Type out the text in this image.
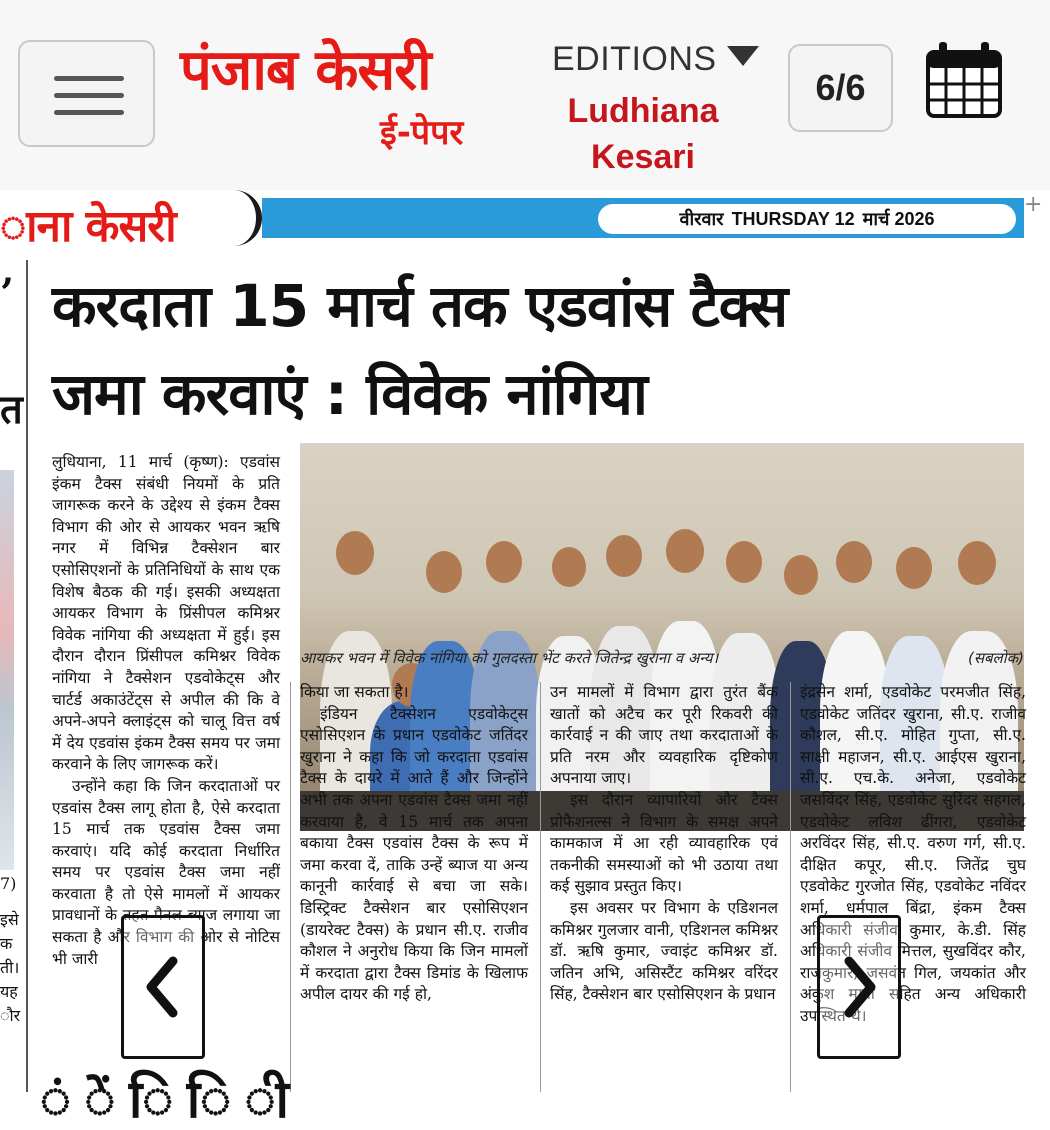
पंजाब केसरी
ई-पेपर
EDITIONS
Ludhiana Kesari
6/6
ाना केसरी	वीरवार THURSDAY 12 मार्च 2026
+
’
त
7)
इसे
क
ती।
यह
ौर
करदाता 15 मार्च तक एडवांस टैक्स
जमा करवाएं : विवेक नांगिया
आयकर भवन में विवेक नांगिया को गुलदस्ता भेंट करते जितेन्द्र खुराना व अन्य।	(सबलोक)

लुधियाना, 11 मार्च (कृष्ण): एडवांस इंकम टैक्स संबंधी नियमों के प्रति जागरूक करने के उद्देश्य से इंकम टैक्स विभाग की ओर से आयकर भवन ऋषि नगर में विभिन्न टैक्सेशन बार एसोसिएशनों के प्रतिनिधियों के साथ एक विशेष बैठक की गई। इसकी अध्यक्षता आयकर विभाग के प्रिंसीपल कमिश्नर विवेक नांगिया की अध्यक्षता में हुई। इस दौरान दौरान प्रिंसीपल कमिश्नर विवेक नांगिया ने टैक्सेशन एडवोकेट्स और चार्टर्ड अकाउंटेंट्स से अपील की कि वे अपने-अपने क्लाइंट्स को चालू वित्त वर्ष में देय एडवांस इंकम टैक्स समय पर जमा करवाने के लिए जागरूक करें।

उन्होंने कहा कि जिन करदाताओं पर एडवांस टैक्स लागू होता है, ऐसे करदाता 15 मार्च तक एडवांस टैक्स जमा करवाएं। यदि कोई करदाता निर्धारित समय पर एडवांस टैक्स जमा नहीं करवाता है तो ऐसे मामलों में आयकर प्रावधानों के तहत पैनल ब्याज लगाया जा सकता है और विभाग की ओर से नोटिस भी जारी

किया जा सकता है।

इंडियन टैक्सेशन एडवोकेट्स एसोसिएशन के प्रधान एडवोकेट जतिंदर खुराना ने कहा कि जो करदाता एडवांस टैक्स के दायरे में आते हैं और जिन्होंने अभी तक अपना एडवांस टैक्स जमा नहीं करवाया है, वे 15 मार्च तक अपना बकाया टैक्स एडवांस टैक्स के रूप में जमा करवा दें, ताकि उन्हें ब्याज या अन्य कानूनी कार्रवाई से बचा जा सके। डिस्ट्रिक्ट टैक्सेशन बार एसोसिएशन (डायरेक्ट टैक्स) के प्रधान सी.ए. राजीव कौशल ने अनुरोध किया कि जिन मामलों में करदाता द्वारा टैक्स डिमांड के खिलाफ अपील दायर की गई हो,

उन मामलों में विभाग द्वारा तुरंत बैंक खातों को अटैच कर पूरी रिकवरी की कार्रवाई न की जाए तथा करदाताओं के प्रति नरम और व्यवहारिक दृष्टिकोण अपनाया जाए।

इस दौरान व्यापारियों और टैक्स प्रोफैशनल्स ने विभाग के समक्ष अपने कामकाज में आ रही व्यावहारिक एवं तकनीकी समस्याओं को भी उठाया तथा कई सुझाव प्रस्तुत किए।

इस अवसर पर विभाग के एडिशनल कमिश्नर गुलजार वानी, एडिशनल कमिश्नर डॉ. ऋषि कुमार, ज्वाइंट कमिश्नर डॉ. जतिन अभि, असिस्टैंट कमिश्नर वरिंदर सिंह, टैक्सेशन बार एसोसिएशन के प्रधान

इंद्रसेन शर्मा, एडवोकेट परमजीत सिंह, एडवोकेट जतिंदर खुराना, सी.ए. राजीव कौशल, सी.ए. मोहित गुप्ता, सी.ए. साक्षी महाजन, सी.ए. आईएस खुराना, सी.ए. एच.के. अनेजा, एडवोकेट जसविंदर सिंह, एडवोकेट सुरिंदर सहगल, एडवोकेट लविश ढींगरा, एडवोकेट अरविंदर सिंह, सी.ए. वरुण गर्ग, सी.ए. दीक्षित कपूर, सी.ए. जितेंद्र चुघ एडवोकेट गुरजोत सिंह, एडवोकेट नविंदर शर्मा, धर्मपाल बिंद्रा, इंकम टैक्स अधिकारी संजीव कुमार, के.डी. सिंह अधिकारी संजीव मित्तल, सुखविंदर कौर, राजकुमार, जसवंत गिल, जयकांत और अंकुश मग्गो सहित अन्य अधिकारी उपस्थित थे।

ं ें ि ि ी
